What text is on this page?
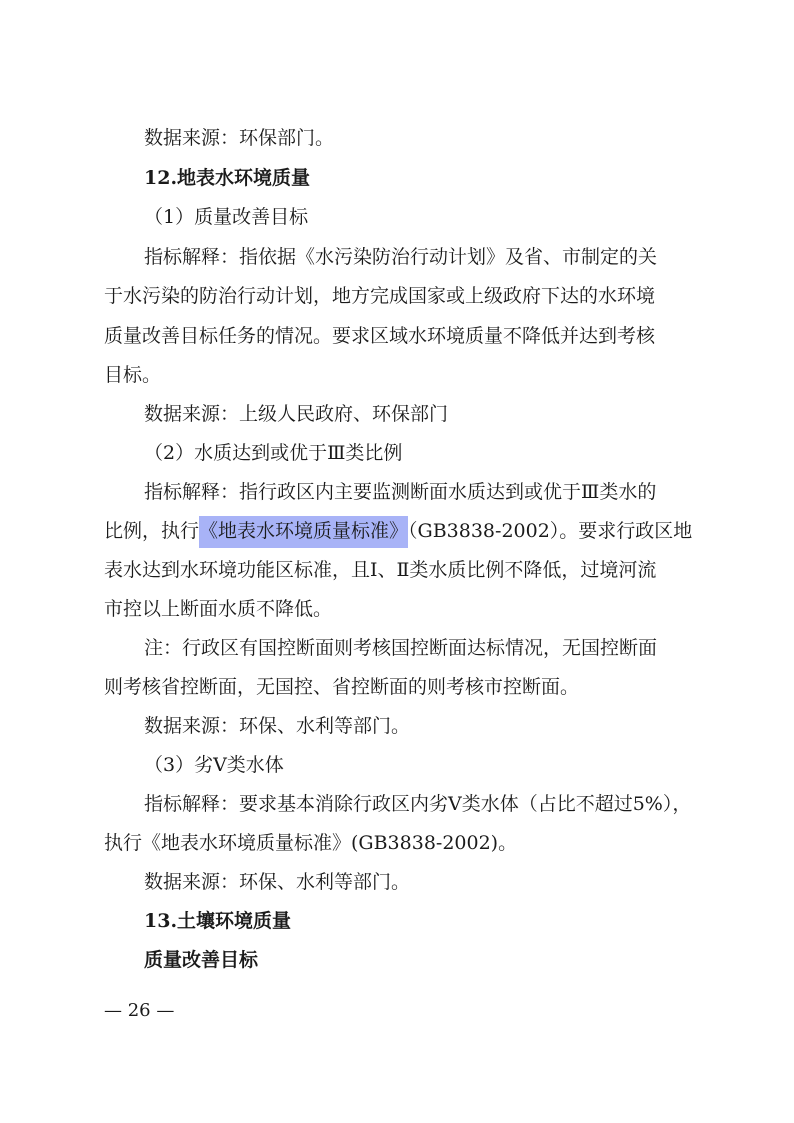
数据来源：环保部门。
12.地表水环境质量
（1）质量改善目标
指标解释：指依据《水污染防治行动计划》及省、市制定的关
于水污染的防治行动计划，地方完成国家或上级政府下达的水环境
质量改善目标任务的情况。要求区域水环境质量不降低并达到考核
目标。
数据来源：上级人民政府、环保部门
（2）水质达到或优于Ⅲ类比例
指标解释：指行政区内主要监测断面水质达到或优于Ⅲ类水的
比例，执行《地表水环境质量标准》（GB3838-2002）。要求行政区地
表水达到水环境功能区标准，且Ⅰ、Ⅱ类水质比例不降低，过境河流
市控以上断面水质不降低。
注：行政区有国控断面则考核国控断面达标情况，无国控断面
则考核省控断面，无国控、省控断面的则考核市控断面。
数据来源：环保、水利等部门。
（3）劣Ⅴ类水体
指标解释：要求基本消除行政区内劣Ⅴ类水体（占比不超过5%），
执行《地表水环境质量标准》(GB3838-2002)。
数据来源：环保、水利等部门。
13.土壤环境质量
质量改善目标
— 26 —
